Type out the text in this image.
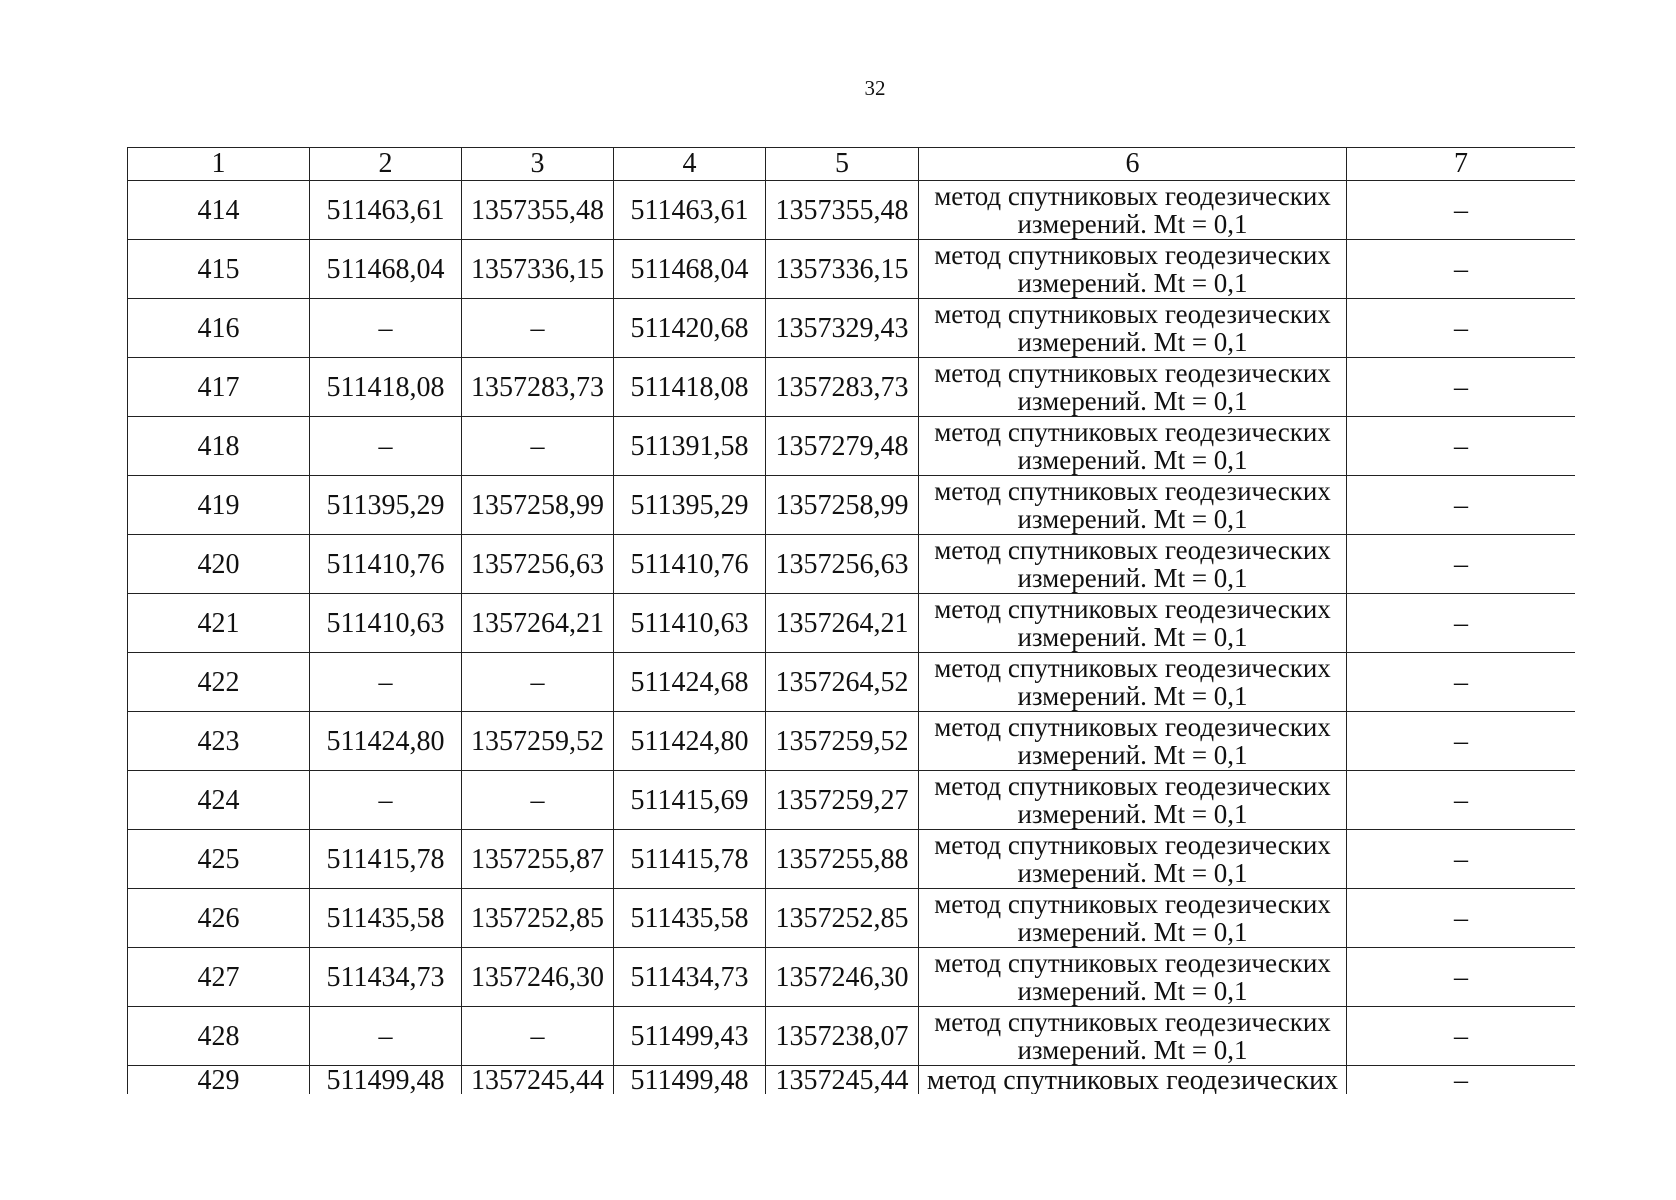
32
1	2	3	4	5	6	7
414	511463,61	1357355,48	511463,61	1357355,48	метод спутниковых геодезических
измерений. Mt = 0,1	–
415	511468,04	1357336,15	511468,04	1357336,15	метод спутниковых геодезических
измерений. Mt = 0,1	–
416	–	–	511420,68	1357329,43	метод спутниковых геодезических
измерений. Mt = 0,1	–
417	511418,08	1357283,73	511418,08	1357283,73	метод спутниковых геодезических
измерений. Mt = 0,1	–
418	–	–	511391,58	1357279,48	метод спутниковых геодезических
измерений. Mt = 0,1	–
419	511395,29	1357258,99	511395,29	1357258,99	метод спутниковых геодезических
измерений. Mt = 0,1	–
420	511410,76	1357256,63	511410,76	1357256,63	метод спутниковых геодезических
измерений. Mt = 0,1	–
421	511410,63	1357264,21	511410,63	1357264,21	метод спутниковых геодезических
измерений. Mt = 0,1	–
422	–	–	511424,68	1357264,52	метод спутниковых геодезических
измерений. Mt = 0,1	–
423	511424,80	1357259,52	511424,80	1357259,52	метод спутниковых геодезических
измерений. Mt = 0,1	–
424	–	–	511415,69	1357259,27	метод спутниковых геодезических
измерений. Mt = 0,1	–
425	511415,78	1357255,87	511415,78	1357255,88	метод спутниковых геодезических
измерений. Mt = 0,1	–
426	511435,58	1357252,85	511435,58	1357252,85	метод спутниковых геодезических
измерений. Mt = 0,1	–
427	511434,73	1357246,30	511434,73	1357246,30	метод спутниковых геодезических
измерений. Mt = 0,1	–
428	–	–	511499,43	1357238,07	метод спутниковых геодезических
измерений. Mt = 0,1	–
429	511499,48	1357245,44	511499,48	1357245,44	метод спутниковых геодезических	–
